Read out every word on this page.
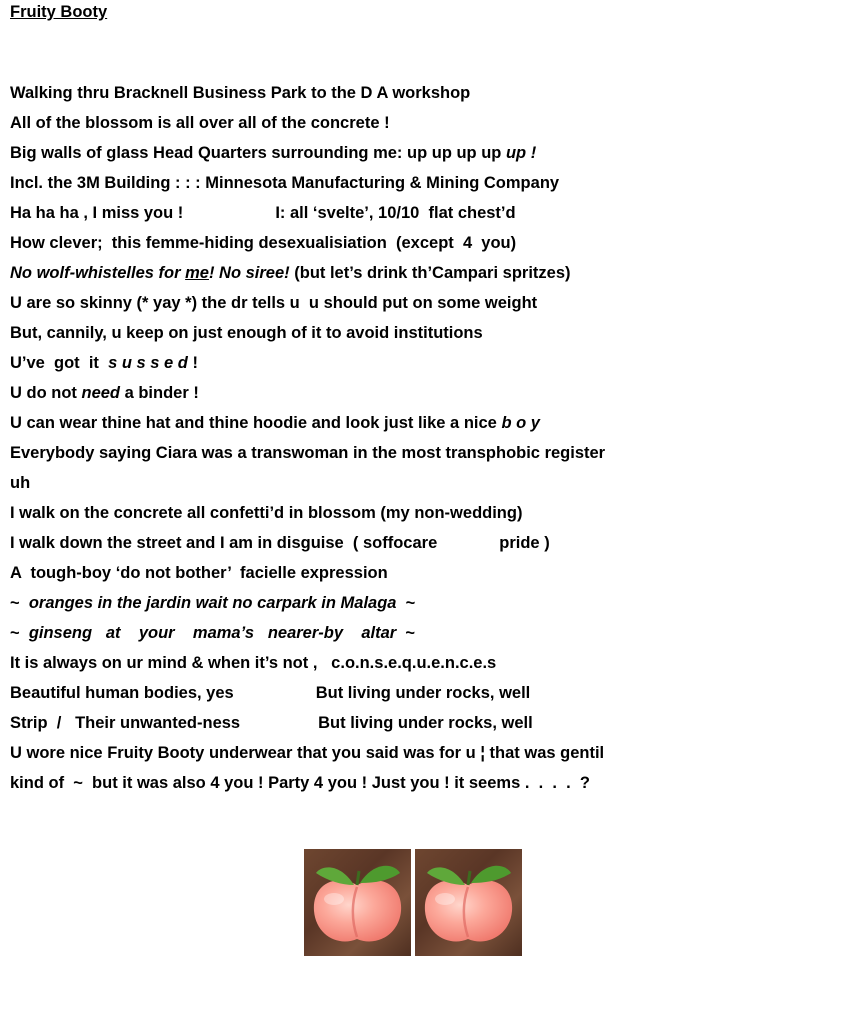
Fruity Booty
Walking thru Bracknell Business Park to the D A workshop
All of the blossom is all over all of the concrete !
Big walls of glass Head Quarters surrounding me: up up up up up !
Incl. the 3M Building : : : Minnesota Manufacturing & Mining Company
Ha ha ha , I miss you !	I: all ‘svelte’, 10/10  flat chest’d
How clever;  this femme-hiding desexualisiation  (except  4  you)
No wolf-whistelles for me! No siree! (but let’s drink th’Campari spritzes)
U are so skinny (* yay *) the dr tells u  u should put on some weight
But, cannily, u keep on just enough of it to avoid institutions
U’ve  got  it  s u s s e d !
U do not need a binder !
U can wear thine hat and thine hoodie and look just like a nice b o y
Everybody saying Ciara was a transwoman in the most transphobic register
uh
I walk on the concrete all confetti’d in blossom (my non-wedding)
I walk down the street and I am in disguise  ( soffocare	pride )
A  tough-boy ‘do not bother’  facielle expression
~  oranges in the jardin wait no carpark in Malaga  ~
~  ginseng   at    your    mama’s   nearer-by    altar  ~
It is always on ur mind & when it’s not ,   c.o.n.s.e.q.u.e.n.c.e.s
Beautiful human bodies, yes	But living under rocks, well
Strip  /   Their unwanted-ness	But living under rocks, well
U wore nice Fruity Booty underwear that you said was for u ¦ that was gentil
kind of  ~  but it was also 4 you ! Party 4 you ! Just you ! it seems .  .  .  .  ?
